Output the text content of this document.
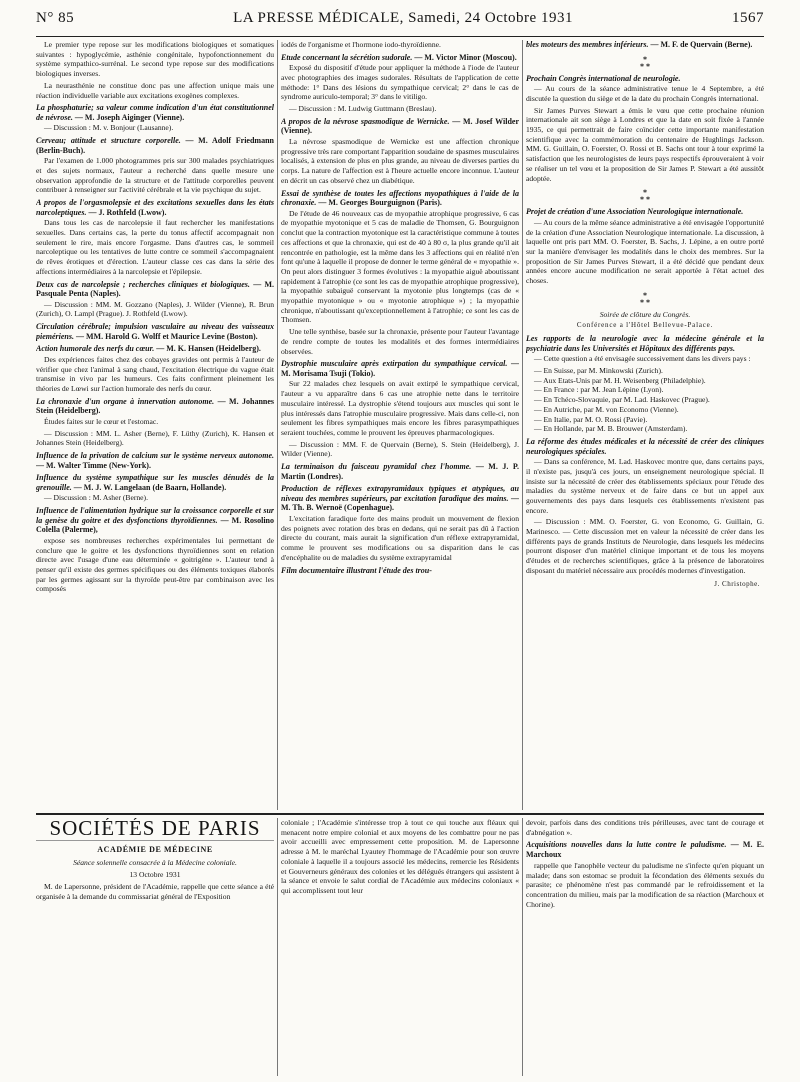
N° 85	LA PRESSE MÉDICALE, Samedi, 24 Octobre 1931	1567

Le premier type repose sur les modifications biologiques et somatiques suivantes : hypoglycémie, asthénie congénitale, hypofonctionnement du système sympathico-surrénal. Le second type repose sur des modifications biologiques inverses.

La neurasthénie ne constitue donc pas une affection unique mais une réaction individuelle variable aux excitations exogènes complexes.

La phosphaturie; sa valeur comme indication d'un état constitutionnel de névrose. — M. Joseph Aiginger (Vienne).

— Discussion : M. v. Bonjour (Lausanne).

Cerveau; attitude et structure corporelle. — M. Adolf Friedmann (Berlin-Buch).

Par l'examen de 1.000 photogrammes pris sur 300 malades psychiatriques et des sujets normaux, l'auteur a recherché dans quelle mesure une observation approfondie de la structure et de l'attitude corporelles peuvent contribuer à renseigner sur l'activité cérébrale et la vie psychique du sujet.

A propos de l'orgasmolepsie et des excitations sexuelles dans les états narcoleptiques. — J. Rothfeld (Lwow).

Dans tous les cas de narcolepsie il faut rechercher les manifestations sexuelles. Dans certains cas, la perte du tonus affectif accompagnait non seulement le rire, mais encore l'orgasme. Dans d'autres cas, le sommeil narcoleptique ou les tentatives de lutte contre ce sommeil s'accompagnaient de rêves érotiques et d'érection. L'auteur classe ces cas dans la série des affections intermédiaires à la narcolepsie et l'épilepsie.

Deux cas de narcolepsie ; recherches cliniques et biologiques. — M. Pasquale Penta (Naples).

— Discussion : MM. M. Gozzano (Naples), J. Wilder (Vienne), R. Brun (Zurich), O. Lampl (Prague). J. Rothfeld (Lwow).

Circulation cérébrale; impulsion vasculaire au niveau des vaisseaux piemériens. — MM. Harold G. Wolff et Maurice Levine (Boston).

Action humorale des nerfs du cœur. — M. K. Hansen (Heidelberg).

Des expériences faites chez des cobayes gravides ont permis à l'auteur de vérifier que chez l'animal à sang chaud, l'excitation électrique du vague était transmise in vivo par les humeurs. Ces faits confirment pleinement les théories de Lœwi sur l'action humorale des nerfs du cœur.

La chronaxie d'un organe à innervation autonome. — M. Johannes Stein (Heidelberg).

Études faites sur le cœur et l'estomac.

— Discussion : MM. L. Asher (Berne), F. Lüthy (Zurich), K. Hansen et Johannes Stein (Heidelberg).

Influence de la privation de calcium sur le système nerveux autonome. — M. Walter Timme (New-York).

Influence du système sympathique sur les muscles dénudés de la grenouille. — M. J. W. Langelaan (de Baarn, Hollande).

— Discussion : M. Asher (Berne).

Influence de l'alimentation hydrique sur la croissance corporelle et sur la genèse du goitre et des dysfonctions thyroïdiennes. — M. Rosolino Colella (Palerme),

expose ses nombreuses recherches expérimentales lui permettant de conclure que le goitre et les dysfonctions thyroïdiennes sont en relation directe avec l'usage d'une eau déterminée « goitrigène ». L'auteur tend à penser qu'il existe des germes spécifiques ou des éléments toxiques élaborés par les germes agissant sur la thyroïde peut-être par combinaison avec les composés

iodés de l'organisme et l'hormone iodo-thyroïdienne.

Etude concernant la sécrétion sudorale. — M. Victor Minor (Moscou).

Exposé du dispositif d'étude pour appliquer la méthode à l'iode de l'auteur avec photographies des images sudorales. Résultats de l'application de cette méthode: 1° Dans des lésions du sympathique cervical; 2° dans le cas de syndrome auriculo-temporal; 3° dans le vitiligo.

— Discussion : M. Ludwig Guttmann (Breslau).

A propos de la névrose spasmodique de Wernicke. — M. Josef Wilder (Vienne).

La névrose spasmodique de Wernicke est une affection chronique progressive très rare comportant l'apparition soudaine de spasmes musculaires localisés, à extension de plus en plus grande, au niveau de diverses parties du corps. La nature de l'affection est à l'heure actuelle encore inconnue. L'auteur en décrit un cas observé chez un diabétique.

Essai de synthèse de toutes les affections myopathiques à l'aide de la chronaxie. — M. Georges Bourguignon (Paris).

De l'étude de 46 nouveaux cas de myopathie atrophique progressive, 6 cas de myopathie myotonique et 5 cas de maladie de Thomsen, G. Bourguignon conclut que la contraction myotonique est la caractéristique commune à toutes ces affections et que la chronaxie, qui est de 40 à 80 σ, la plus grande qu'il ait rencontrée en pathologie, est la même dans les 3 affections qui en réalité n'en font qu'une à laquelle il propose de donner le terme général de « myopathie ». On peut alors distinguer 3 formes évolutives : la myopathie aiguë aboutissant rapidement à l'atrophie (ce sont les cas de myopathie atrophique progressive), la myopathie subaiguë conservant la myotonie plus longtemps (cas de « myopathie myotonique » ou « myotonie atrophique ») ; la myopathie chronique, n'aboutissant qu'exceptionnellement à l'atrophie; ce sont les cas de Thomsen.

Une telle synthèse, basée sur la chronaxie, présente pour l'auteur l'avantage de rendre compte de toutes les modalités et des formes intermédiaires observées.

Dystrophie musculaire après extirpation du sympathique cervical. — M. Morisama Tsuji (Tokio).

Sur 22 malades chez lesquels on avait extirpé le sympathique cervical, l'auteur a vu apparaître dans 6 cas une atrophie nette dans le territoire musculaire intéressé. La dystrophie s'étend toujours aux muscles qui sont le plus intéressés dans l'atrophie musculaire progressive. Mais dans celle-ci, non seulement les fibres sympathiques mais encore les fibres parasympathiques seraient touchées, comme le prouvent les épreuves pharmacologiques.

— Discussion : MM. F. de Quervain (Berne), S. Stein (Heidelberg), J. Wilder (Vienne).

La terminaison du faisceau pyramidal chez l'homme. — M. J. P. Martin (Londres).

Production de réflexes extrapyramidaux typiques et atypiques, au niveau des membres supérieurs, par excitation faradique des mains. — M. Th. B. Wernoë (Copenhague).

L'excitation faradique forte des mains produit un mouvement de flexion des poignets avec rotation des bras en dedans, qui ne serait pas dû à l'action directe du courant, mais aurait la signification d'un réflexe extrapyramidal, comme le prouvent ses modifications ou sa disparition dans le cas d'encéphalite ou de maladies du système extrapyramidal

Film documentaire illustrant l'étude des trou-

bles moteurs des membres inférieurs. — M. F. de Quervain (Berne).

*
* *

Prochain Congrès international de neurologie.

— Au cours de la séance administrative tenue le 4 Septembre, a été discutée la question du siège et de la date du prochain Congrès international.

Sir James Purves Stewart a émis le vœu que cette prochaine réunion internationale ait son siège à Londres et que la date en soit fixée à l'année 1935, ce qui permettrait de faire coïncider cette importante manifestation scientifique avec la commémoration du centenaire de Hughlings Jackson. MM. G. Guillain, O. Foerster, O. Rossi et B. Sachs ont tour à tour exprimé la satisfaction que les neurologistes de leurs pays respectifs éprouveraient à voir se réaliser un tel vœu et la proposition de Sir James P. Stewart a été aussitôt adoptée.

*
* *

Projet de création d'une Association Neurologique internationale.

— Au cours de la même séance administrative a été envisagée l'opportunité de la création d'une Association Neurologique internationale. La discussion, à laquelle ont pris part MM. O. Foerster, B. Sachs, J. Lépine, a en outre porté sur la manière d'envisager les modalités dans le choix des membres. Sur la proposition de Sir James Purves Stewart, il a été décidé que pendant deux années encore aucune modification ne serait apportée à l'état actuel des choses.

*
* *

Soirée de clôture du Congrès.

Conférence a l'Hôtel Bellevue-Palace.

Les rapports de la neurologie avec la médecine générale et la psychiatrie dans les Universités et Hôpitaux des différents pays.

— Cette question a été envisagée successivement dans les divers pays :

— En Suisse, par M. Minkowski (Zurich).

— Aux Etats-Unis par M. H. Weisenberg (Philadelphie).

— En France : par M. Jean Lépine (Lyon).

— En Tchéco-Slovaquie, par M. Lad. Haskovec (Prague).

— En Autriche, par M. von Economo (Vienne).

— En Italie, par M. O. Rossi (Pavie).

— En Hollande, par M. B. Brouwer (Amsterdam).

La réforme des études médicales et la nécessité de créer des cliniques neurologiques spéciales.

— Dans sa conférence, M. Lad. Haskovec montre que, dans certains pays, il n'existe pas, jusqu'à ces jours, un enseignement neurologique spécial. Il insiste sur la nécessité de créer des établissements spéciaux pour l'étude des maladies du système nerveux et de faire dans ce but un appel aux gouvernements des pays dans lesquels ces établissements n'existent pas encore.

— Discussion : MM. O. Foerster, G. von Economo, G. Guillain, G. Marinesco. — Cette discussion met en valeur la nécessité de créer dans les différents pays de grands Instituts de Neurologie, dans lesquels les médecins pourront disposer d'un matériel clinique important et de tous les moyens d'études et de recherches scientifiques, grâce à la présence de laboratoires disposant du matériel nécessaire aux procédés modernes d'investigation.

J. Christophe.

SOCIÉTÉS DE PARIS
ACADÉMIE DE MÉDECINE

Séance solennelle consacrée à la Médecine coloniale.

13 Octobre 1931

M. de Lapersonne, président de l'Académie, rappelle que cette séance a été organisée à la demande du commissariat général de l'Exposition

coloniale ; l'Académie s'intéresse trop à tout ce qui touche aux fléaux qui menacent notre empire colonial et aux moyens de les combattre pour ne pas avoir accueilli avec empressement cette proposition. M. de Lapersonne adresse à M. le maréchal Lyautey l'hommage de l'Académie pour son œuvre coloniale à laquelle il a toujours associé les médecins, remercie les Résidents et Gouverneurs généraux des colonies et les délégués étrangers qui assistent à la séance et envoie le salut cordial de l'Académie aux médecins coloniaux « qui accomplissent tout leur

devoir, parfois dans des conditions très périlleuses, avec tant de courage et d'abnégation ».

Acquisitions nouvelles dans la lutte contre le paludisme. — M. E. Marchoux

rappelle que l'anophèle vecteur du paludisme ne s'infecte qu'en piquant un malade; dans son estomac se produit la fécondation des éléments sexués du parasite; ce phénomène n'est pas commandé par le refroidissement et la concentration du milieu, mais par la modification de sa réaction (Marchoux et Chorine).
